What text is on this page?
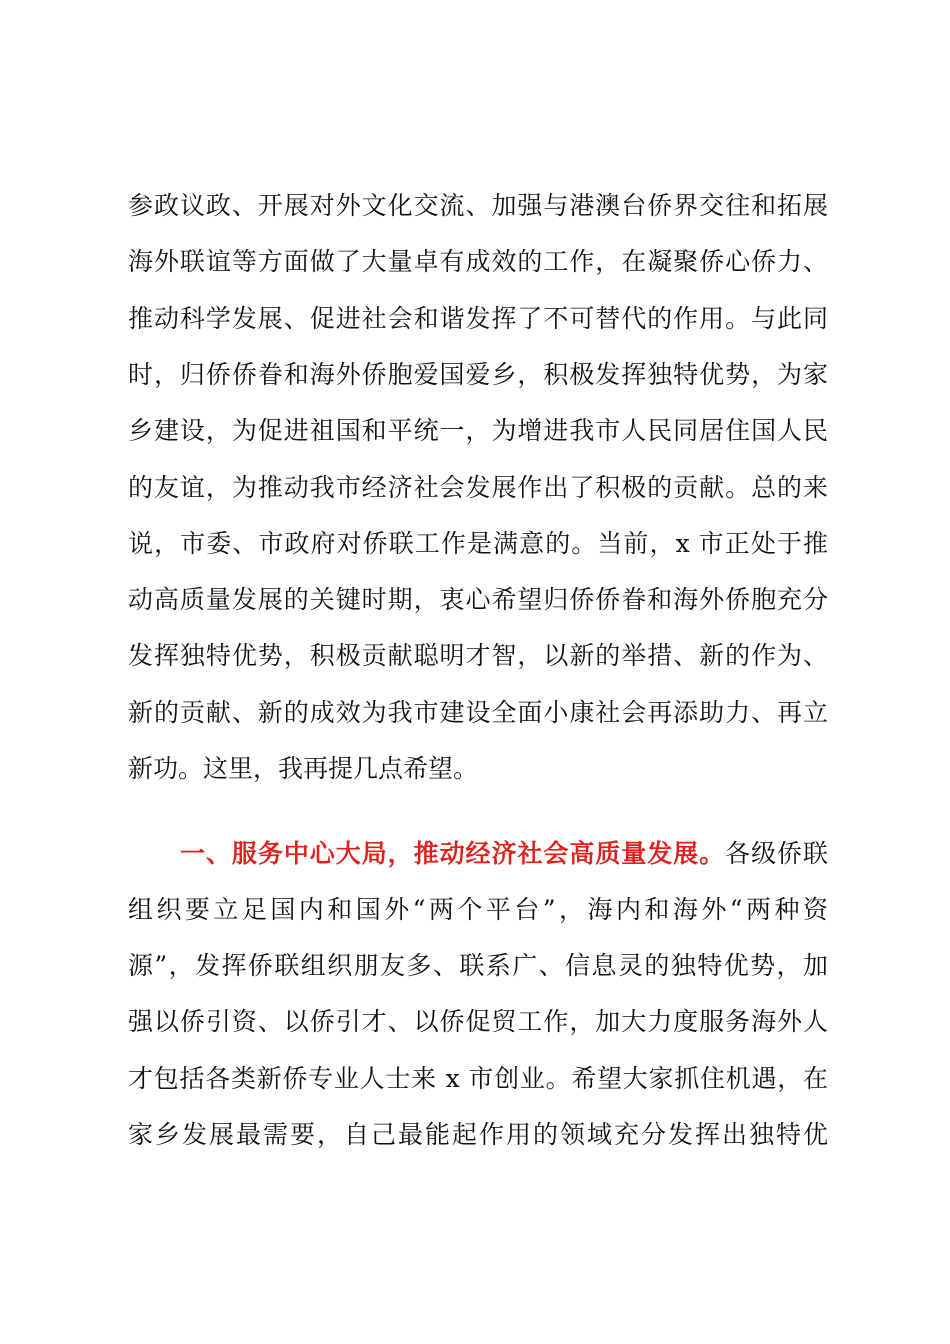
参政议政、开展对外文化交流、加强与港澳台侨界交往和拓展
海外联谊等方面做了大量卓有成效的工作，在凝聚侨心侨力、
推动科学发展、促进社会和谐发挥了不可替代的作用。与此同
时，归侨侨眷和海外侨胞爱国爱乡，积极发挥独特优势，为家
乡建设，为促进祖国和平统一，为增进我市人民同居住国人民
的友谊，为推动我市经济社会发展作出了积极的贡献。总的来
说，市委、市政府对侨联工作是满意的。当前，x 市正处于推
动高质量发展的关键时期，衷心希望归侨侨眷和海外侨胞充分
发挥独特优势，积极贡献聪明才智，以新的举措、新的作为、
新的贡献、新的成效为我市建设全面小康社会再添助力、再立
新功。这里，我再提几点希望。
一、服务中心大局，推动经济社会高质量发展。各级侨联
组织要立足国内和国外“两个平台”，海内和海外“两种资
源”，发挥侨联组织朋友多、联系广、信息灵的独特优势，加
强以侨引资、以侨引才、以侨促贸工作，加大力度服务海外人
才包括各类新侨专业人士来 x 市创业。希望大家抓住机遇，在
家乡发展最需要，自己最能起作用的领域充分发挥出独特优
